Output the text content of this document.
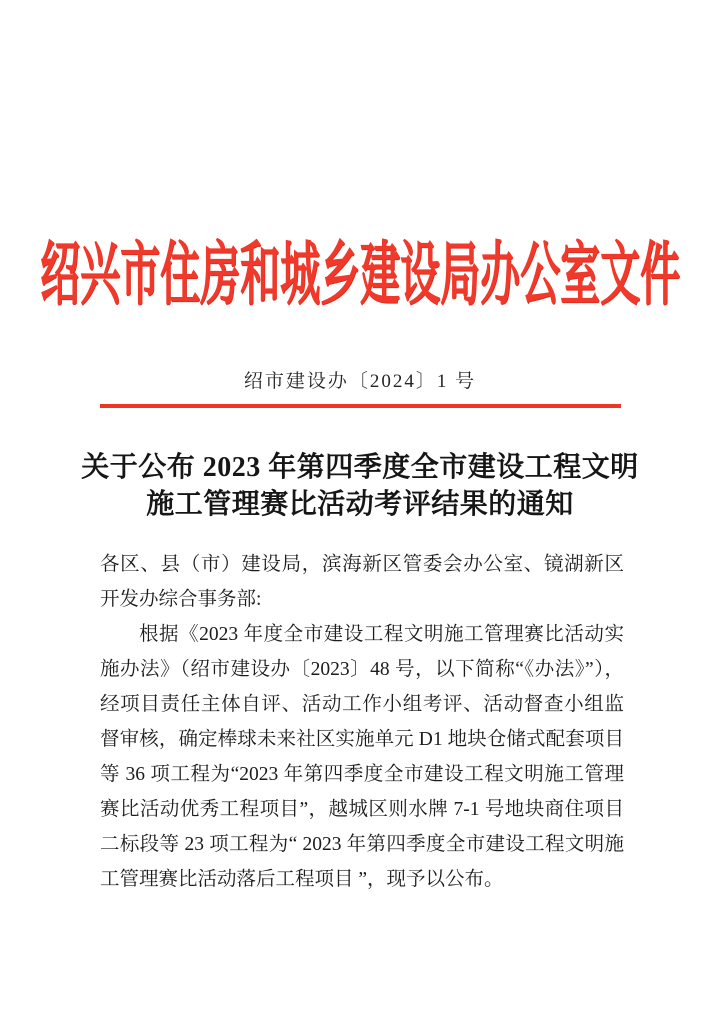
绍兴市住房和城乡建设局办公室文件
绍市建设办〔2024〕1 号
关于公布 2023 年第四季度全市建设工程文明
施工管理赛比活动考评结果的通知

各区、县（市）建设局，滨海新区管委会办公室、镜湖新区开发办综合事务部:

根据《2023 年度全市建设工程文明施工管理赛比活动实施办法》（绍市建设办〔2023〕48 号，以下简称“《办法》”），经项目责任主体自评、活动工作小组考评、活动督查小组监督审核，确定棒球未来社区实施单元 D1 地块仓储式配套项目等 36 项工程为“2023 年第四季度全市建设工程文明施工管理赛比活动优秀工程项目”，越城区则水牌 7-1 号地块商住项目二标段等 23 项工程为“ 2023 年第四季度全市建设工程文明施工管理赛比活动落后工程项目 ”，现予以公布。
